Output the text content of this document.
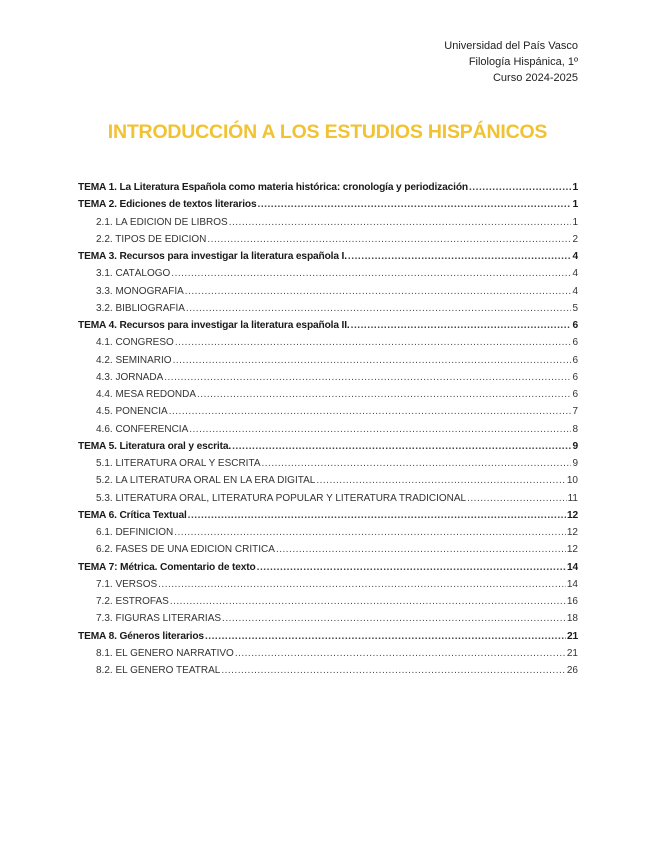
Universidad del País Vasco
Filología Hispánica, 1º
Curso 2024-2025
INTRODUCCIÓN A LOS ESTUDIOS HISPÁNICOS
TEMA 1. La Literatura Española como materia histórica: cronología y periodización .....	1
TEMA 2. Ediciones de textos literarios .....	1
2.1. LA EDICIÓN DE LIBROS .....	1
2.2. TIPOS DE EDICIÓN .....	2
TEMA 3. Recursos para investigar la literatura española I. .....	4
3.1. CATÁLOGO .....	4
3.3. MONOGRAFÍA .....	4
3.2. BIBLIOGRAFÍA .....	5
TEMA 4. Recursos para investigar la literatura española II. .....	6
4.1. CONGRESO .....	6
4.2. SEMINARIO .....	6
4.3. JORNADA .....	6
4.4. MESA REDONDA .....	6
4.5. PONENCIA .....	7
4.6. CONFERENCIA .....	8
TEMA 5. Literatura oral y escrita. .....	9
5.1. LITERATURA ORAL Y ESCRITA .....	9
5.2. LA LITERATURA ORAL EN LA ERA DIGITAL .....	10
5.3. LITERATURA ORAL, LITERATURA POPULAR Y LITERATURA TRADICIONAL .....	11
TEMA 6. Crítica Textual .....	12
6.1. DEFINICIÓN .....	12
6.2. FASES DE UNA EDICIÓN CRÍTICA .....	12
TEMA 7: Métrica. Comentario de texto .....	14
7.1. VERSOS .....	14
7.2. ESTROFAS .....	16
7.3. FIGURAS LITERARIAS .....	18
TEMA 8. Géneros literarios .....	21
8.1. EL GÉNERO NARRATIVO .....	21
8.2. EL GÉNERO TEATRAL .....	26
